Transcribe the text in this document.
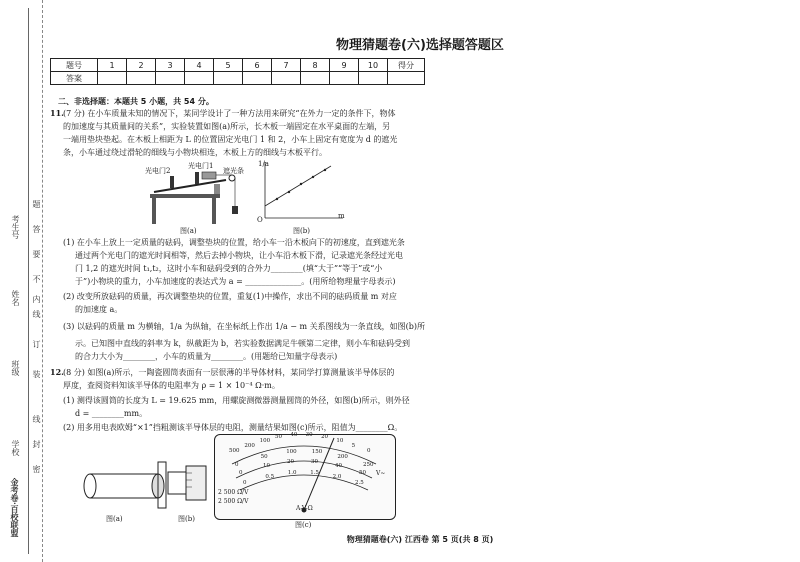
学校
班级
姓名
考生号
装
订
线
题
答
要
不
内
线
封
密
金考卷·百校联盟
物理猜题卷(六)选择题答题区
题号	1	2	3	4	5	6	7	8	9	10	得分
答案											
二、非选择题：本题共 5 小题，共 54 分。
11. (7 分) 在小车质量未知的情况下，某同学设计了一种方法用来研究“在外力一定的条件下，物体
的加速度与其质量间的关系”，实验装置如图(a)所示，长木板一端固定在水平桌面的左端，另
一端用垫块垫起。在木板上相距为 L 的位置固定光电门 1 和 2，小车上固定有宽度为 d 的遮光
条，小车通过绕过滑轮的细线与小物块相连，木板上方的细线与木板平行。
光电门2
光电门1
遮光条
图(a)
1/a
m
O
图(b)
(1) 在小车上放上一定质量的砝码，调整垫块的位置，给小车一沿木板向下的初速度，直到遮光条
通过两个光电门的遮光时间相等，然后去掉小物块，让小车沿木板下滑，记录遮光条经过光电
门 1,2 的遮光时间 t₁,t₂，这时小车和砝码受到的合外力________(填“大于”“等于”或“小
于”)小物块的重力，小车加速度的表达式为 a = ______________。(用所给物理量字母表示)
(2) 改变所放砝码的质量，再次调整垫块的位置，重复(1)中操作，求出不同的砝码质量 m 对应
的加速度 a。
(3) 以砝码的质量 m 为横轴，1/a 为纵轴，在坐标纸上作出 1/a − m 关系图线为一条直线，如图(b)所
示。已知图中直线的斜率为 k，纵截距为 b，若实验数据满足牛顿第二定律，则小车和砝码受到
的合力大小为________，小车的质量为________。(用题给已知量字母表示)
12. (8 分) 如图(a)所示，一陶瓷圆筒表面有一层很薄的半导体材料，某同学打算测量该半导体层的
厚度，查阅资料知该半导体的电阻率为 ρ = 1 × 10⁻⁴ Ω·m。
(1) 测得该圆筒的长度为 L = 19.625 mm，用螺旋测微器测量圆筒的外径，如图(b)所示，则外径
d = ________mm。
(2) 用多用电表欧姆“×1”挡粗测该半导体层的电阻，测量结果如图(c)所示，阻值为________Ω。
图(a)	图(b)
500
200
100
50 40 30 20
10
5
0
0
50
100	150
200
250
0
10
20	30
40
50
0
0.5
1.0 1.5
2.0
2.5
2 500 Ω/V
2 500 Ω/V
A-V-Ω
V~
图(c)
物理猜题卷(六) 江西卷 第 5 页(共 8 页)
